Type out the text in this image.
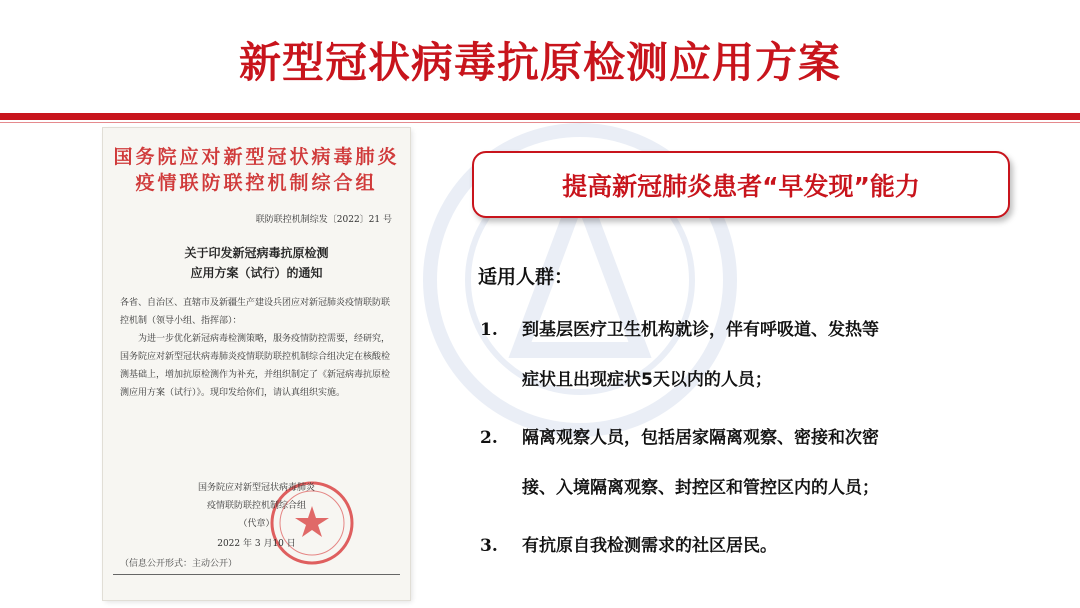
新型冠状病毒抗原检测应用方案
国务院应对新型冠状病毒肺炎
疫情联防联控机制综合组
联防联控机制综发〔2022〕21 号
关于印发新冠病毒抗原检测
应用方案（试行）的通知

各省、自治区、直辖市及新疆生产建设兵团应对新冠肺炎疫情联防联控机制（领导小组、指挥部）：

为进一步优化新冠病毒检测策略，服务疫情防控需要，经研究，国务院应对新型冠状病毒肺炎疫情联防联控机制综合组决定在核酸检测基础上，增加抗原检测作为补充，并组织制定了《新冠病毒抗原检测应用方案（试行）》。现印发给你们，请认真组织实施。

国务院应对新型冠状病毒肺炎
疫情联防联控机制综合组
（代章）
2022 年 3 月10 日
（信息公开形式：主动公开）
提高新冠肺炎患者“早发现”能力
适用人群：
1.	到基层医疗卫生机构就诊，伴有呼吸道、发热等
症状且出现症状5天以内的人员；
2.	隔离观察人员，包括居家隔离观察、密接和次密
接、入境隔离观察、封控区和管控区内的人员；
3.	有抗原自我检测需求的社区居民。
